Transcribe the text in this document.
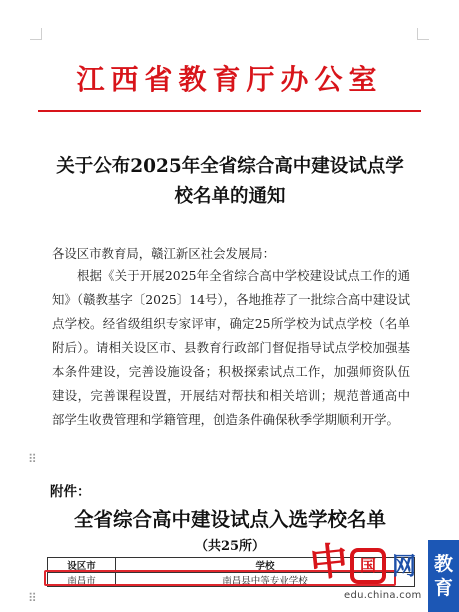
江西省教育厅办公室
关于公布2025年全省综合高中建设试点学校名单的通知
各设区市教育局，赣江新区社会发展局：
根据《关于开展2025年全省综合高中学校建设试点工作的通知》（赣教基字〔2025〕14号），各地推荐了一批综合高中建设试点学校。经省级组织专家评审，确定25所学校为试点学校（名单附后）。请相关设区市、县教育行政部门督促指导试点学校加强基本条件建设，完善设施设备；积极探索试点工作，加强师资队伍建设，完善课程设置，开展结对帮扶和相关培训；规范普通高中部学生收费管理和学籍管理，创造条件确保秋季学期顺利开学。
⠿
⠿
附件：
全省综合高中建设试点入选学校名单
（共25所）
设区市	学校
南昌市	南昌县中等专业学校 中 国 网
edu.china.com
教
育
